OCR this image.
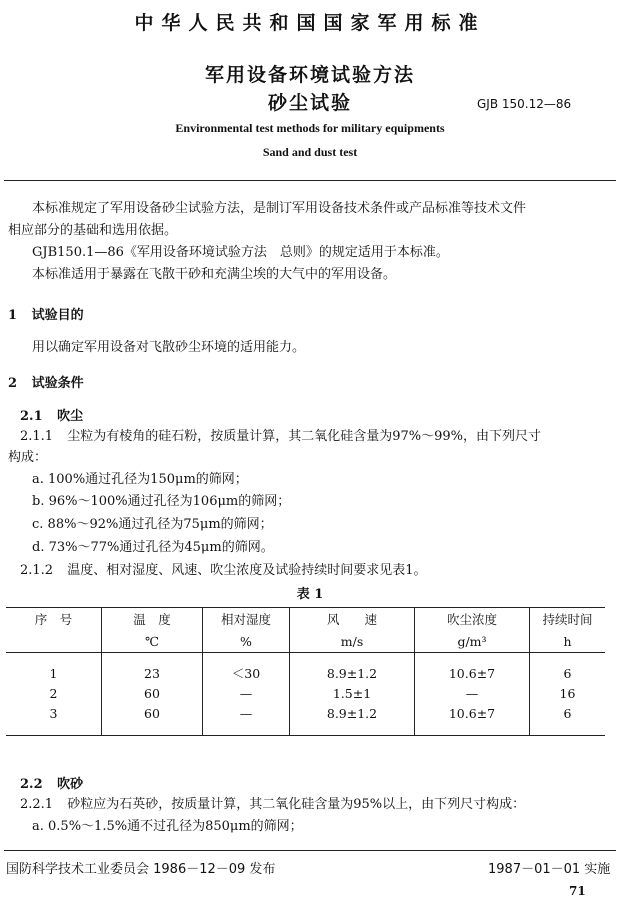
中华人民共和国国家军用标准
军用设备环境试验方法
砂尘试验	GJB 150.12—86
Environmental test methods for military equipments
Sand and dust test
本标准规定了军用设备砂尘试验方法，是制订军用设备技术条件或产品标准等技术文件
相应部分的基础和选用依据。
GJB150.1—86《军用设备环境试验方法　总则》的规定适用于本标准。
本标准适用于暴露在飞散干砂和充满尘埃的大气中的军用设备。
1 试验目的
用以确定军用设备对飞散砂尘环境的适用能力。
2 试验条件
2.1 吹尘
2.1.1 尘粒为有棱角的硅石粉，按质量计算，其二氧化硅含量为97%～99%，由下列尺寸
构成：
a. 100%通过孔径为150μm的筛网；
b. 96%～100%通过孔径为106μm的筛网；
c. 88%～92%通过孔径为75μm的筛网；
d. 73%～77%通过孔径为45μm的筛网。
2.1.2 温度、相对湿度、风速、吹尘浓度及试验持续时间要求见表1。
表 1
序　号	温　度	相对湿度	风　　速	吹尘浓度	持续时间
	℃	%	m/s	g/m³	h
1	23	＜30	8.9±1.2	10.6±7	6
2	60	—	1.5±1	—	16
3	60	—	8.9±1.2	10.6±7	6
2.2 吹砂
2.2.1 砂粒应为石英砂，按质量计算，其二氧化硅含量为95%以上，由下列尺寸构成：
a. 0.5%～1.5%通不过孔径为850μm的筛网；
国防科学技术工业委员会 1986－12－09 发布	1987－01－01 实施
71
